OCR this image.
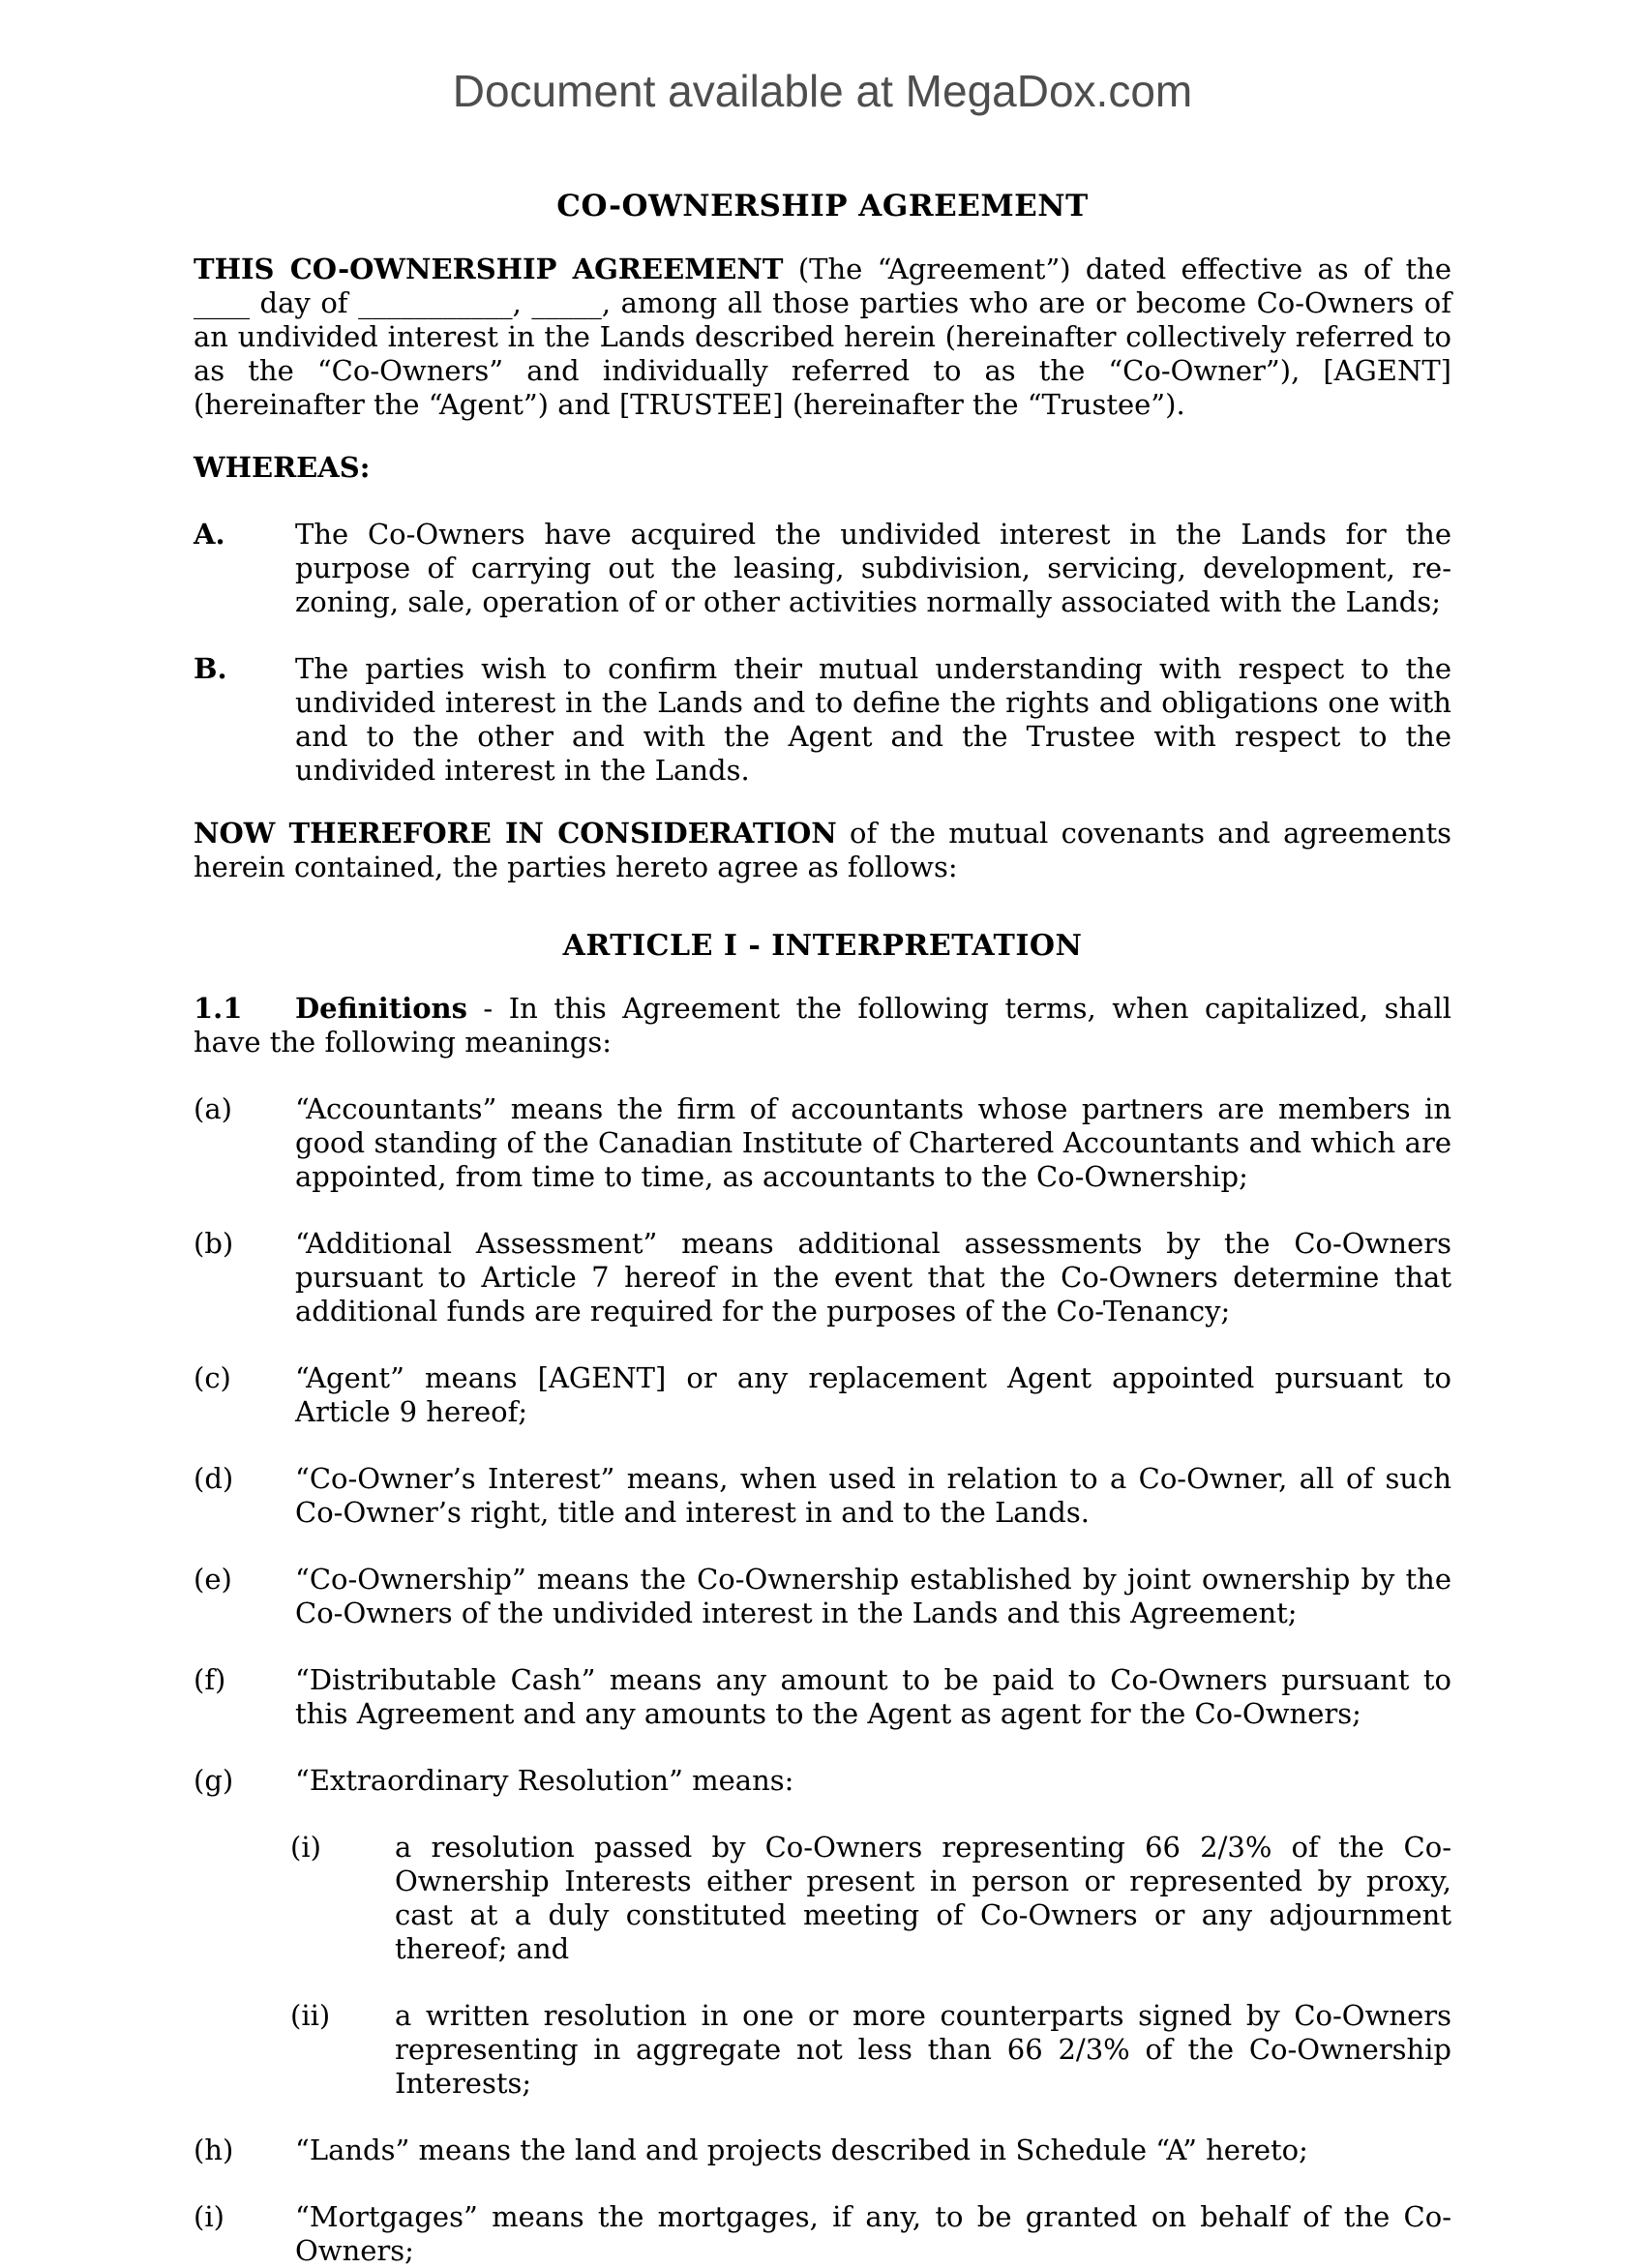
Document available at MegaDox.com
CO-OWNERSHIP AGREEMENT

THIS CO-OWNERSHIP AGREEMENT (The “Agreement”) dated effective as of the ____ day of ___________, _____, among all those parties who are or become Co-Owners of an undivided interest in the Lands described herein (hereinafter collectively referred to as the “Co-Owners” and individually referred to as the “Co-Owner”), [AGENT] (hereinafter the “Agent”) and [TRUSTEE] (hereinafter the “Trustee”).

WHEREAS:

A.	The Co-Owners have acquired the undivided interest in the Lands for the purpose of carrying out the leasing, subdivision, servicing, development, re-zoning, sale, operation of or other activities normally associated with the Lands;
B.	The parties wish to confirm their mutual understanding with respect to the undivided interest in the Lands and to define the rights and obligations one with and to the other and with the Agent and the Trustee with respect to the undivided interest in the Lands.

NOW THEREFORE IN CONSIDERATION of the mutual covenants and agreements herein contained, the parties hereto agree as follows:

ARTICLE I - INTERPRETATION

1.1 Definitions - In this Agreement the following terms, when capitalized, shall have the following meanings:

(a)	“Accountants” means the firm of accountants whose partners are members in good standing of the Canadian Institute of Chartered Accountants and which are appointed, from time to time, as accountants to the Co-Ownership;
(b)	“Additional Assessment” means additional assessments by the Co-Owners pursuant to Article 7 hereof in the event that the Co-Owners determine that additional funds are required for the purposes of the Co-Tenancy;
(c)	“Agent” means [AGENT] or any replacement Agent appointed pursuant to Article 9 hereof;
(d)	“Co-Owner’s Interest” means, when used in relation to a Co-Owner, all of such Co-Owner’s right, title and interest in and to the Lands.
(e)	“Co-Ownership” means the Co-Ownership established by joint ownership by the Co-Owners of the undivided interest in the Lands and this Agreement;
(f)	“Distributable Cash” means any amount to be paid to Co-Owners pursuant to this Agreement and any amounts to the Agent as agent for the Co-Owners;
(g)	“Extraordinary Resolution” means:
(i)	a resolution passed by Co-Owners representing 66 2/3% of the Co-Ownership Interests either present in person or represented by proxy, cast at a duly constituted meeting of Co-Owners or any adjournment thereof; and
(ii)	a written resolution in one or more counterparts signed by Co-Owners representing in aggregate not less than 66 2/3% of the Co-Ownership Interests;
(h)	“Lands” means the land and projects described in Schedule “A” hereto;
(i)	“Mortgages” means the mortgages, if any, to be granted on behalf of the Co-Owners;
